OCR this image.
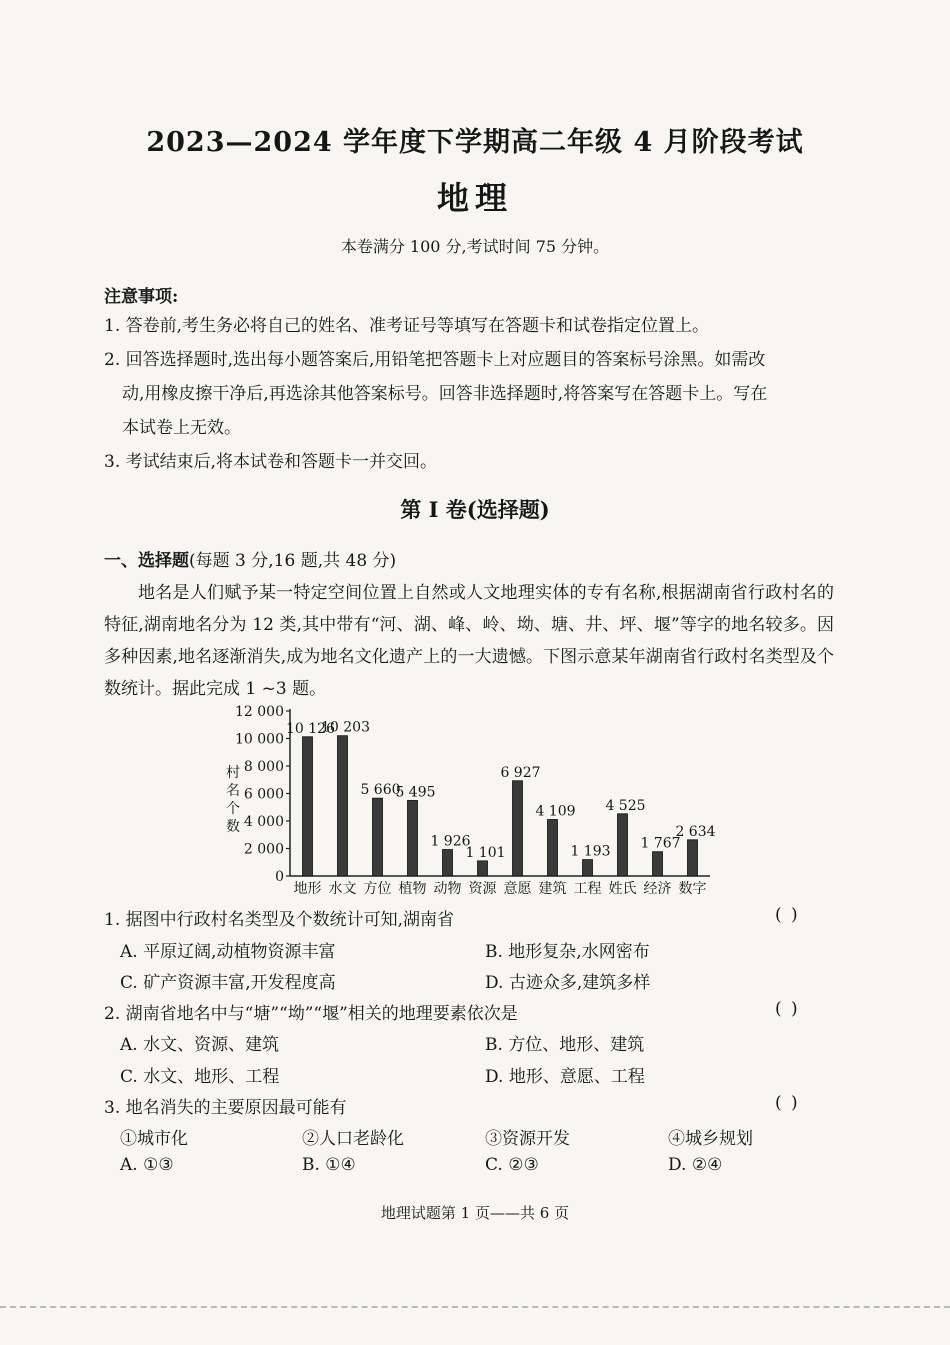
2023—2024 学年度下学期高二年级 4 月阶段考试
地理
本卷满分 100 分,考试时间 75 分钟。
注意事项:
1. 答卷前,考生务必将自己的姓名、准考证号等填写在答题卡和试卷指定位置上。
2. 回答选择题时,选出每小题答案后,用铅笔把答题卡上对应题目的答案标号涂黑。如需改
动,用橡皮擦干净后,再选涂其他答案标号。回答非选择题时,将答案写在答题卡上。写在
本试卷上无效。
3. 考试结束后,将本试卷和答题卡一并交回。
第 I 卷(选择题)
一、选择题(每题 3 分,16 题,共 48 分)
地名是人们赋予某一特定空间位置上自然或人文地理实体的专有名称,根据湖南省行政村名的特征,湖南地名分为 12 类,其中带有“河、湖、峰、岭、坳、塘、井、坪、堰”等字的地名较多。因多种因素,地名逐渐消失,成为地名文化遗产上的一大遗憾。下图示意某年湖南省行政村名类型及个数统计。据此完成 1 ~3 题。
0
2 000
4 000
6 000
8 000
10 000
12 000
村
名
个
数
10 126
地形
10 203
水文
5 660
方位
5 495
植物
1 926
动物
1 101
资源
6 927
意愿
4 109
建筑
1 193
工程
4 525
姓氏
1 767
经济
2 634
数字
1. 据图中行政村名类型及个数统计可知,湖南省	( )
A. 平原辽阔,动植物资源丰富	B. 地形复杂,水网密布
C. 矿产资源丰富,开发程度高	D. 古迹众多,建筑多样
2. 湖南省地名中与“塘”“坳”“堰”相关的地理要素依次是	( )
A. 水文、资源、建筑	B. 方位、地形、建筑
C. 水文、地形、工程	D. 地形、意愿、工程
3. 地名消失的主要原因最可能有	( )
①城市化	②人口老龄化	③资源开发	④城乡规划
A. ①③	B. ①④	C. ②③	D. ②④
地理试题第 1 页——共 6 页
